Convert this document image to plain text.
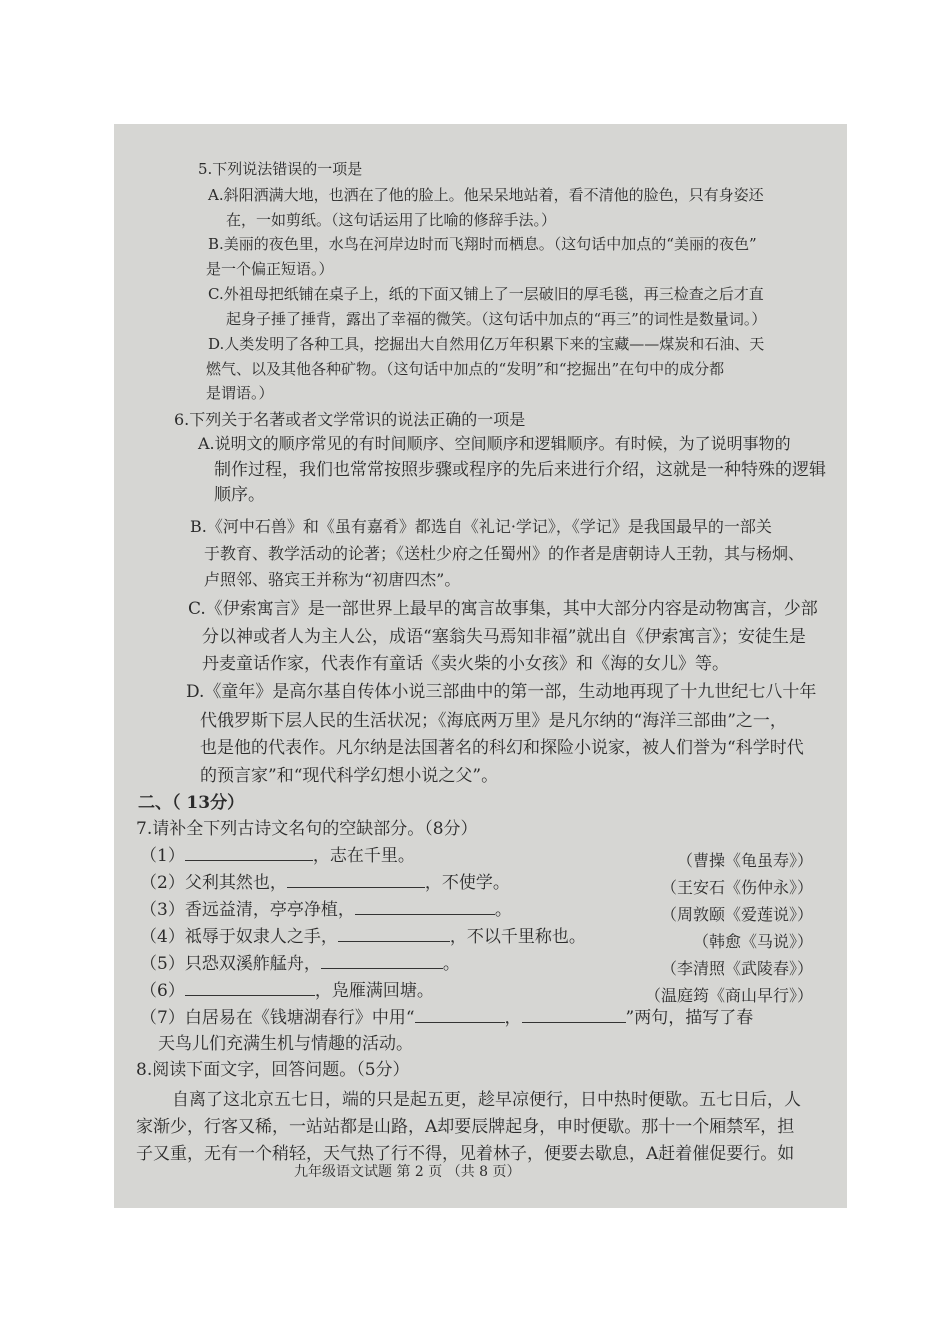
5.下列说法错误的一项是
A.斜阳洒满大地，也洒在了他的脸上。他呆呆地站着，看不清他的脸色，只有身姿还
在，一如剪纸。（这句话运用了比喻的修辞手法。）
B.美丽的夜色里，水鸟在河岸边时而飞翔时而栖息。（这句话中加点的“美丽的夜色”
是一个偏正短语。）
C.外祖母把纸铺在桌子上，纸的下面又铺上了一层破旧的厚毛毯，再三检查之后才直
起身子捶了捶背，露出了幸福的微笑。（这句话中加点的“再三”的词性是数量词。）
D.人类发明了各种工具，挖掘出大自然用亿万年积累下来的宝藏——煤炭和石油、天
燃气、以及其他各种矿物。（这句话中加点的“发明”和“挖掘出”在句中的成分都
是谓语。）
6.下列关于名著或者文学常识的说法正确的一项是
A.说明文的顺序常见的有时间顺序、空间顺序和逻辑顺序。有时候，为了说明事物的
制作过程，我们也常常按照步骤或程序的先后来进行介绍，这就是一种特殊的逻辑
顺序。
B.《河中石兽》和《虽有嘉肴》都选自《礼记·学记》，《学记》是我国最早的一部关
于教育、教学活动的论著；《送杜少府之任蜀州》的作者是唐朝诗人王勃，其与杨炯、
卢照邻、骆宾王并称为“初唐四杰”。
C.《伊索寓言》是一部世界上最早的寓言故事集，其中大部分内容是动物寓言，少部
分以神或者人为主人公，成语“塞翁失马焉知非福”就出自《伊索寓言》；安徒生是
丹麦童话作家，代表作有童话《卖火柴的小女孩》和《海的女儿》等。
D.《童年》是高尔基自传体小说三部曲中的第一部，生动地再现了十九世纪七八十年
代俄罗斯下层人民的生活状况；《海底两万里》是凡尔纳的“海洋三部曲”之一，
也是他的代表作。凡尔纳是法国著名的科幻和探险小说家，被人们誉为“科学时代
的预言家”和“现代科学幻想小说之父”。
二、（ 13分）
7.请补全下列古诗文名句的空缺部分。（8分）
（1）	，志在千里。	（曹操《龟虽寿》）
（2）父利其然也，	，不使学。	（王安石《伤仲永》）
（3）香远益清，亭亭净植，	。	（周敦颐《爱莲说》）
（4）祗辱于奴隶人之手，	，不以千里称也。	（韩愈《马说》）
（5）只恐双溪舴艋舟，	。	（李清照《武陵春》）
（6）	，凫雁满回塘。	（温庭筠《商山早行》）
（7）白居易在《钱塘湖春行》中用“	，	”两句，描写了春
天鸟儿们充满生机与情趣的活动。
8.阅读下面文字，回答问题。（5分）
自离了这北京五七日，端的只是起五更，趁早凉便行，日中热时便歇。五七日后，人
家渐少，行客又稀，一站站都是山路，A却要辰牌起身，申时便歇。那十一个厢禁军，担
子又重，无有一个稍轻，天气热了行不得，见着林子，便要去歇息，A赶着催促要行。如
九年级语文试题 第 2 页 （共 8 页）
